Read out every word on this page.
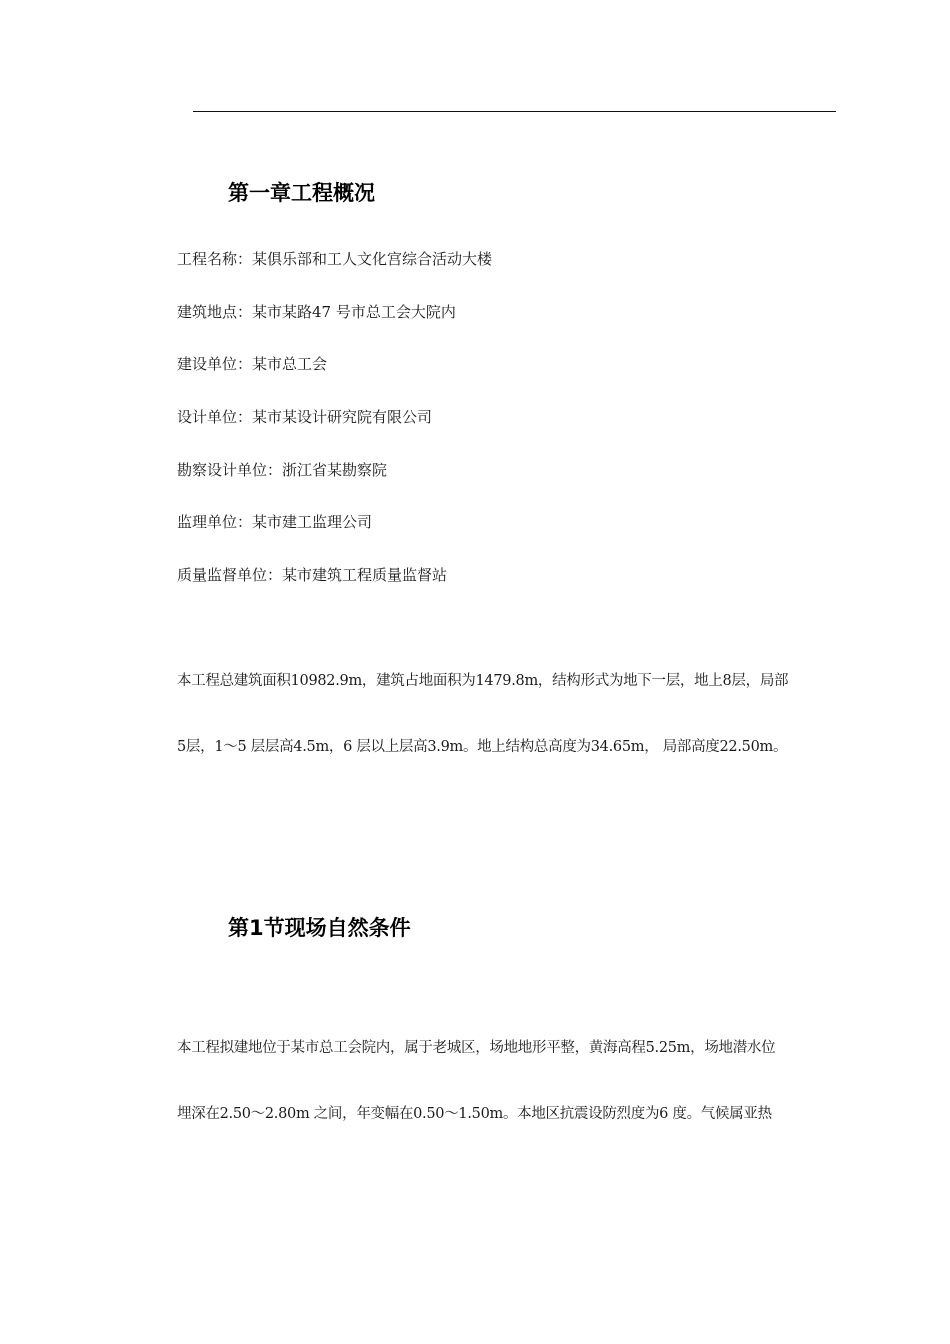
第一章工程概况
工程名称：某俱乐部和工人文化宫综合活动大楼
建筑地点：某市某路47 号市总工会大院内
建设单位：某市总工会
设计单位：某市某设计研究院有限公司
勘察设计单位：浙江省某勘察院
监理单位：某市建工监理公司
质量监督单位：某市建筑工程质量监督站
本工程总建筑面积10982.9m，建筑占地面积为1479.8m，结构形式为地下一层，地上8层，局部
5层，1～5 层层高4.5m，6 层以上层高3.9m。地上结构总高度为34.65m， 局部高度22.50m。
第1节现场自然条件
本工程拟建地位于某市总工会院内，属于老城区，场地地形平整，黄海高程5.25m，场地潜水位
埋深在2.50～2.80m 之间，年变幅在0.50～1.50m。本地区抗震设防烈度为6 度。气候属亚热
